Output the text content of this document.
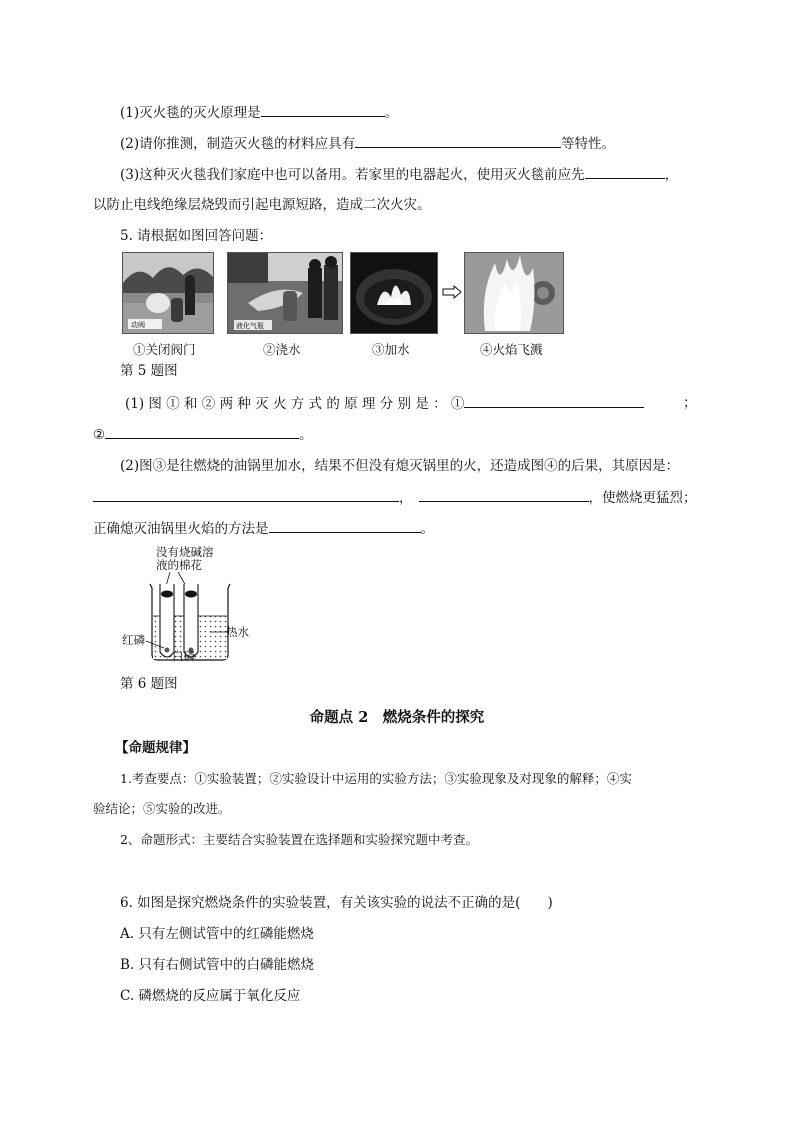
(1)灭火毯的灭火原理是	。
(2)请你推测，制造灭火毯的材料应具有	等特性。
(3)这种灭火毯我们家庭中也可以备用。若家里的电器起火，使用灭火毯前应先	，
以防止电线绝缘层烧毁而引起电源短路，造成二次火灾。
5. 请根据如图回答问题：
动阀	液化气瓶
①关闭阀门	②浇水	③加水	④火焰飞溅
第 5 题图
(1) 图 ① 和 ② 两 种 灭 火 方 式 的 原 理 分 别 是 ： ①	；
②	。
(2)图③是往燃烧的油锅里加水，结果不但没有熄灭锅里的火，还造成图④的后果，其原因是：
，	，使燃烧更猛烈；
正确熄灭油锅里火焰的方法是	。
没有烧碱溶
液的棉花
热水
红磷
白磷
第 6 题图
命题点 2　燃烧条件的探究
【命题规律】
1.考查要点：①实验装置；②实验设计中运用的实验方法；③实验现象及对现象的解释；④实
验结论；⑤实验的改进。
2、命题形式：主要结合实验装置在选择题和实验探究题中考查。
6. 如图是探究燃烧条件的实验装置，有关该实验的说法不正确的是(　　)
A. 只有左侧试管中的红磷能燃烧
B. 只有右侧试管中的白磷能燃烧
C. 磷燃烧的反应属于氧化反应
